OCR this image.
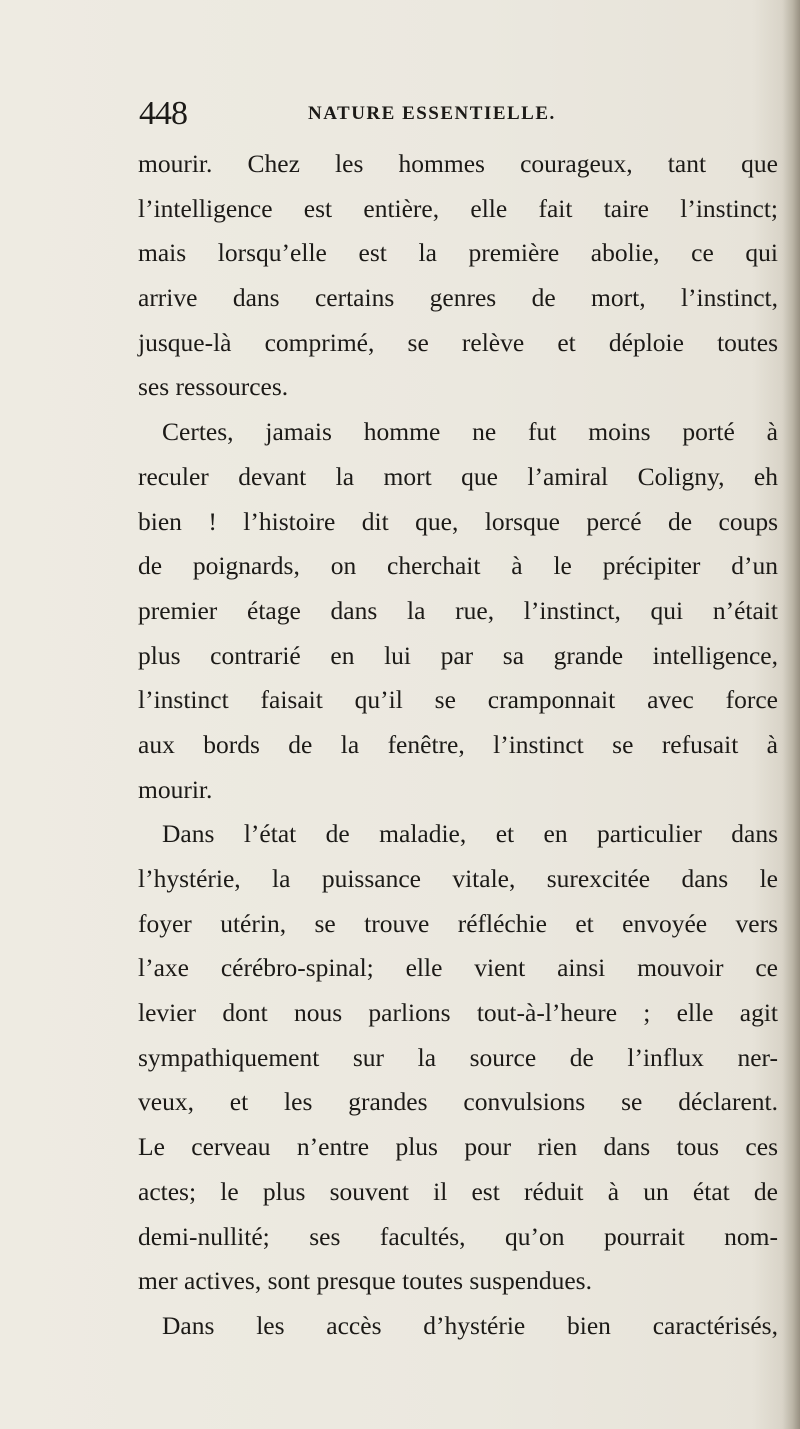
448	NATURE ESSENTIELLE.
mourir. Chez les hommes courageux, tant que
l’intelligence est entière, elle fait taire l’instinct;
mais lorsqu’elle est la première abolie, ce qui
arrive dans certains genres de mort, l’instinct,
jusque-là comprimé, se relève et déploie toutes
ses ressources.
Certes, jamais homme ne fut moins porté à
reculer devant la mort que l’amiral Coligny, eh
bien ! l’histoire dit que, lorsque percé de coups
de poignards, on cherchait à le précipiter d’un
premier étage dans la rue, l’instinct, qui n’était
plus contrarié en lui par sa grande intelligence,
l’instinct faisait qu’il se cramponnait avec force
aux bords de la fenêtre, l’instinct se refusait à
mourir.
Dans l’état de maladie, et en particulier dans
l’hystérie, la puissance vitale, surexcitée dans le
foyer utérin, se trouve réfléchie et envoyée vers
l’axe cérébro-spinal; elle vient ainsi mouvoir ce
levier dont nous parlions tout-à-l’heure ; elle agit
sympathiquement sur la source de l’influx ner-
veux, et les grandes convulsions se déclarent.
Le cerveau n’entre plus pour rien dans tous ces
actes; le plus souvent il est réduit à un état de
demi-nullité; ses facultés, qu’on pourrait nom-
mer actives, sont presque toutes suspendues.
Dans les accès d’hystérie bien caractérisés,
